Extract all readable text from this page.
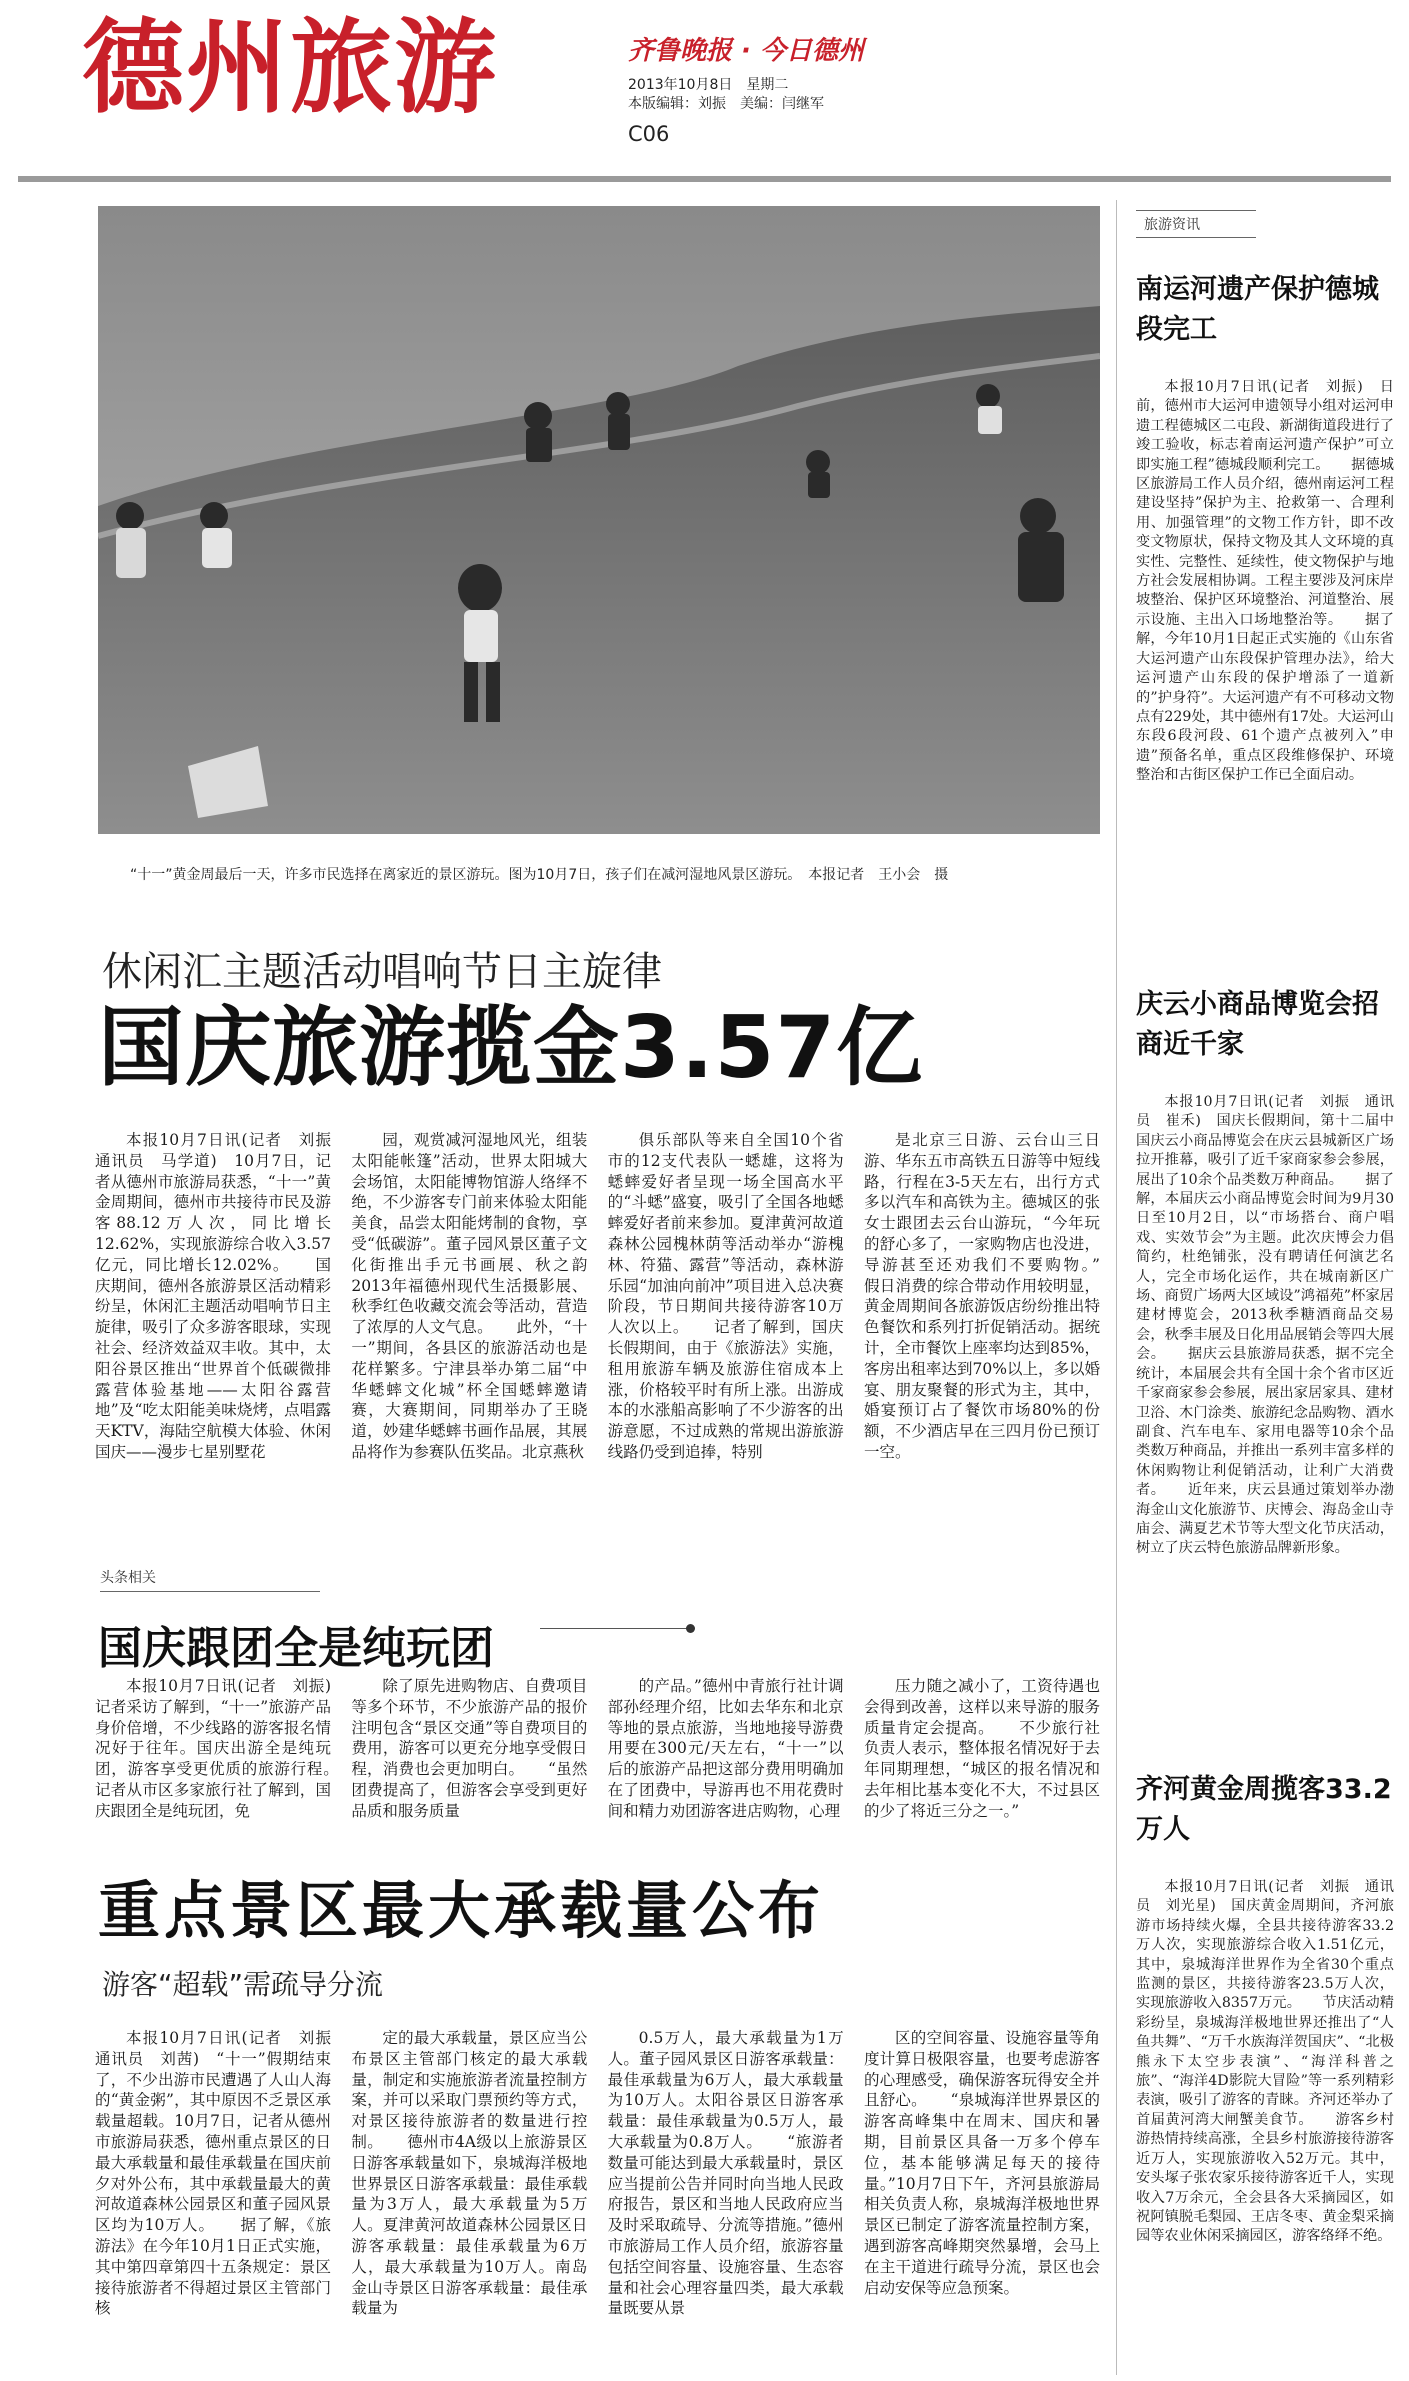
德州旅游	齐鲁晚报 · 今日德州
2013年10月8日　星期二
本版编辑：刘振　美编：闫继军
C06
“十一”黄金周最后一天，许多市民选择在离家近的景区游玩。图为10月7日，孩子们在减河湿地风景区游玩。　本报记者　王小会　摄
休闲汇主题活动唱响节日主旋律
国庆旅游揽金3.57亿

本报10月7日讯(记者　刘振　通讯员　马学道)　10月7日，记者从德州市旅游局获悉，“十一”黄金周期间，德州市共接待市民及游客88.12万人次，同比增长12.62%，实现旅游综合收入3.57亿元，同比增长12.02%。　　国庆期间，德州各旅游景区活动精彩纷呈，休闲汇主题活动唱响节日主旋律，吸引了众多游客眼球，实现社会、经济效益双丰收。其中，太阳谷景区推出“世界首个低碳微排露营体验基地——太阳谷露营地”及“吃太阳能美味烧烤，点唱露天KTV，海陆空航模大体验、休闲国庆——漫步七星别墅花

园，观赏减河湿地风光，组装太阳能帐篷”活动，世界太阳城大会场馆，太阳能博物馆游人络绎不绝，不少游客专门前来体验太阳能美食，品尝太阳能烤制的食物，享受“低碳游”。董子园风景区董子文化街推出手元书画展、秋之韵2013年福德州现代生活摄影展、秋季红色收藏交流会等活动，营造了浓厚的人文气息。　　此外，“十一”期间，各县区的旅游活动也是花样繁多。宁津县举办第二届“中华蟋蟀文化城”杯全国蟋蟀邀请赛，大赛期间，同期举办了王晓道，妙建华蟋蟀书画作品展，其展品将作为参赛队伍奖品。北京燕秋

俱乐部队等来自全国10个省市的12支代表队一蟋雄，这将为蟋蟀爱好者呈现一场全国高水平的“斗蟋”盛宴，吸引了全国各地蟋蟀爱好者前来参加。夏津黄河故道森林公园槐林荫等活动举办“游槐林、符猫、露营”等活动，森林游乐园“加油向前冲”项目进入总决赛阶段，节日期间共接待游客10万人次以上。　　记者了解到，国庆长假期间，由于《旅游法》实施，租用旅游车辆及旅游住宿成本上涨，价格较平时有所上涨。出游成本的水涨船高影响了不少游客的出游意愿，不过成熟的常规出游旅游线路仍受到追捧，特别

是北京三日游、云台山三日游、华东五市高铁五日游等中短线路，行程在3-5天左右，出行方式多以汽车和高铁为主。德城区的张女士跟团去云台山游玩，“今年玩的舒心多了，一家购物店也没进，导游甚至还劝我们不要购物。”　　假日消费的综合带动作用较明显，黄金周期间各旅游饭店纷纷推出特色餐饮和系列打折促销活动。据统计，全市餐饮上座率均达到85%，客房出租率达到70%以上，多以婚宴、朋友聚餐的形式为主，其中，婚宴预订占了餐饮市场80%的份额，不少酒店早在三四月份已预订一空。

头条相关
国庆跟团全是纯玩团

本报10月7日讯(记者　刘振)　记者采访了解到，“十一”旅游产品身价倍增，不少线路的游客报名情况好于往年。国庆出游全是纯玩团，游客享受更优质的旅游行程。　　记者从市区多家旅行社了解到，国庆跟团全是纯玩团，免

除了原先进购物店、自费项目等多个环节，不少旅游产品的报价注明包含“景区交通”等自费项目的费用，游客可以更充分地享受假日程，消费也会更加明白。　　“虽然团费提高了，但游客会享受到更好品质和服务质量

的产品。”德州中青旅行社计调部孙经理介绍，比如去华东和北京等地的景点旅游，当地地接导游费用要在300元/天左右，“十一”以后的旅游产品把这部分费用明确加在了团费中，导游再也不用花费时间和精力劝团游客进店购物，心理

压力随之减小了，工资待遇也会得到改善，这样以来导游的服务质量肯定会提高。　　不少旅行社负责人表示，整体报名情况好于去年同期理想，“城区的报名情况和去年相比基本变化不大，不过县区的少了将近三分之一。”

重点景区最大承载量公布
游客“超载”需疏导分流

本报10月7日讯(记者　刘振　通讯员　刘茜)　“十一”假期结束了，不少出游市民遭遇了人山人海的“黄金粥”，其中原因不乏景区承载量超载。10月7日，记者从德州市旅游局获悉，德州重点景区的日最大承载量和最佳承载量在国庆前夕对外公布，其中承载量最大的黄河故道森林公园景区和董子园风景区均为10万人。　　据了解，《旅游法》在今年10月1日正式实施，其中第四章第四十五条规定：景区接待旅游者不得超过景区主管部门核

定的最大承载量，景区应当公布景区主管部门核定的最大承载量，制定和实施旅游者流量控制方案，并可以采取门票预约等方式，对景区接待旅游者的数量进行控制。　　德州市4A级以上旅游景区日游客承载量如下，泉城海洋极地世界景区日游客承载量：最佳承载量为3万人，最大承载量为5万人。夏津黄河故道森林公园景区日游客承载量：最佳承载量为6万人，最大承载量为10万人。南岛金山寺景区日游客承载量：最佳承载量为

0.5万人，最大承载量为1万人。董子园风景区日游客承载量：最佳承载量为6万人，最大承载量为10万人。太阳谷景区日游客承载量：最佳承载量为0.5万人，最大承载量为0.8万人。　　“旅游者数量可能达到最大承载量时，景区应当提前公告并同时向当地人民政府报告，景区和当地人民政府应当及时采取疏导、分流等措施。”德州市旅游局工作人员介绍，旅游容量包括空间容量、设施容量、生态容量和社会心理容量四类，最大承载量既要从景

区的空间容量、设施容量等角度计算日极限容量，也要考虑游客的心理感受，确保游客玩得安全并且舒心。　　“泉城海洋世界景区的游客高峰集中在周末、国庆和暑期，目前景区具备一万多个停车位，基本能够满足每天的接待量。”10月7日下午，齐河县旅游局相关负责人称，泉城海洋极地世界景区已制定了游客流量控制方案，遇到游客高峰期突然暴增，会马上在主干道进行疏导分流，景区也会启动安保等应急预案。

旅游资讯
南运河遗产保护德城段完工

本报10月7日讯(记者　刘振)　日前，德州市大运河申遗领导小组对运河申遗工程德城区二屯段、新湖街道段进行了竣工验收，标志着南运河遗产保护”可立即实施工程”德城段顺利完工。　　据德城区旅游局工作人员介绍，德州南运河工程建设坚持”保护为主、抢救第一、合理利用、加强管理”的文物工作方针，即不改变文物原状，保持文物及其人文环境的真实性、完整性、延续性，使文物保护与地方社会发展相协调。工程主要涉及河床岸坡整治、保护区环境整治、河道整治、展示设施、主出入口场地整治等。　　据了解，今年10月1日起正式实施的《山东省大运河遗产山东段保护管理办法》，给大运河遗产山东段的保护增添了一道新的”护身符”。大运河遗产有不可移动文物点有229处，其中德州有17处。大运河山东段6段河段、61个遗产点被列入”申遗”预备名单，重点区段维修保护、环境整治和古街区保护工作已全面启动。

庆云小商品博览会招商近千家

本报10月7日讯(记者　刘振　通讯员　崔禾)　国庆长假期间，第十二届中国庆云小商品博览会在庆云县城新区广场拉开推幕，吸引了近千家商家参会参展，展出了10余个品类数万种商品。　　据了解，本届庆云小商品博览会时间为9月30日至10月2日，以“市场搭台、商户唱戏、实效节会”为主题。此次庆博会力倡简约，杜绝铺张，没有聘请任何演艺名人，完全市场化运作，共在城南新区广场、商贸广场两大区域设”鸿福苑”杯家居建材博览会，2013秋季糖酒商品交易会，秋季丰展及日化用品展销会等四大展会。　　据庆云县旅游局获悉，据不完全统计，本届展会共有全国十余个省市区近千家商家参会参展，展出家居家具、建材卫浴、木门涂类、旅游纪念品购物、酒水副食、汽车电车、家用电器等10余个品类数万种商品，并推出一系列丰富多样的休闲购物让利促销活动，让利广大消费者。　　近年来，庆云县通过策划举办渤海金山文化旅游节、庆博会、海岛金山寺庙会、满夏艺术节等大型文化节庆活动，树立了庆云特色旅游品牌新形象。

齐河黄金周揽客33.2万人

本报10月7日讯(记者　刘振　通讯员　刘光星)　国庆黄金周期间，齐河旅游市场持续火爆，全县共接待游客33.2万人次，实现旅游综合收入1.51亿元，其中，泉城海洋世界作为全省30个重点监测的景区，共接待游客23.5万人次，实现旅游收入8357万元。　　节庆活动精彩纷呈，泉城海洋极地世界还推出了“人鱼共舞”、“万千水族海洋贺国庆”、“北极熊永下太空步表演”、“海洋科普之旅”、“海洋4D影院大冒险”等一系列精彩表演，吸引了游客的青睐。齐河还举办了首届黄河湾大闸蟹美食节。　　游客乡村游热情持续高涨，全县乡村旅游接待游客近万人，实现旅游收入52万元。其中，安头塚子张农家乐接待游客近千人，实现收入7万余元，全会县各大采摘园区，如祝阿镇脱毛梨园、王店冬枣、黄金梨采摘园等农业休闲采摘园区，游客络绎不绝。
